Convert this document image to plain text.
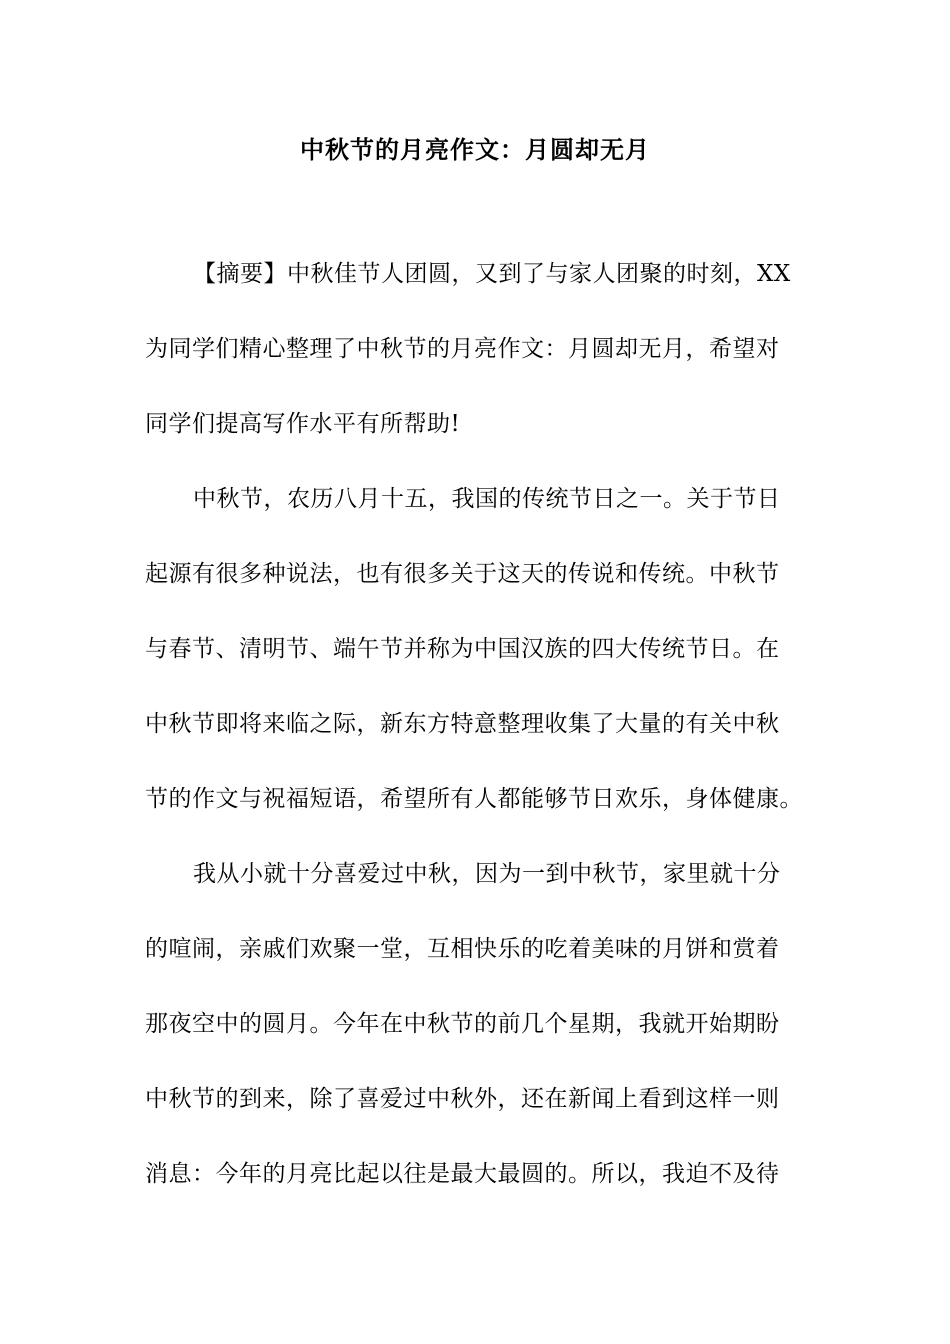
中秋节的月亮作文：月圆却无月
【摘要】中秋佳节人团圆，又到了与家人团聚的时刻，XX
为同学们精心整理了中秋节的月亮作文：月圆却无月，希望对
同学们提高写作水平有所帮助!
中秋节，农历八月十五，我国的传统节日之一。关于节日
起源有很多种说法，也有很多关于这天的传说和传统。中秋节
与春节、清明节、端午节并称为中国汉族的四大传统节日。在
中秋节即将来临之际，新东方特意整理收集了大量的有关中秋
节的作文与祝福短语，希望所有人都能够节日欢乐，身体健康。
我从小就十分喜爱过中秋，因为一到中秋节，家里就十分
的喧闹，亲戚们欢聚一堂，互相快乐的吃着美味的月饼和赏着
那夜空中的圆月。今年在中秋节的前几个星期，我就开始期盼
中秋节的到来，除了喜爱过中秋外，还在新闻上看到这样一则
消息：今年的月亮比起以往是最大最圆的。所以，我迫不及待
